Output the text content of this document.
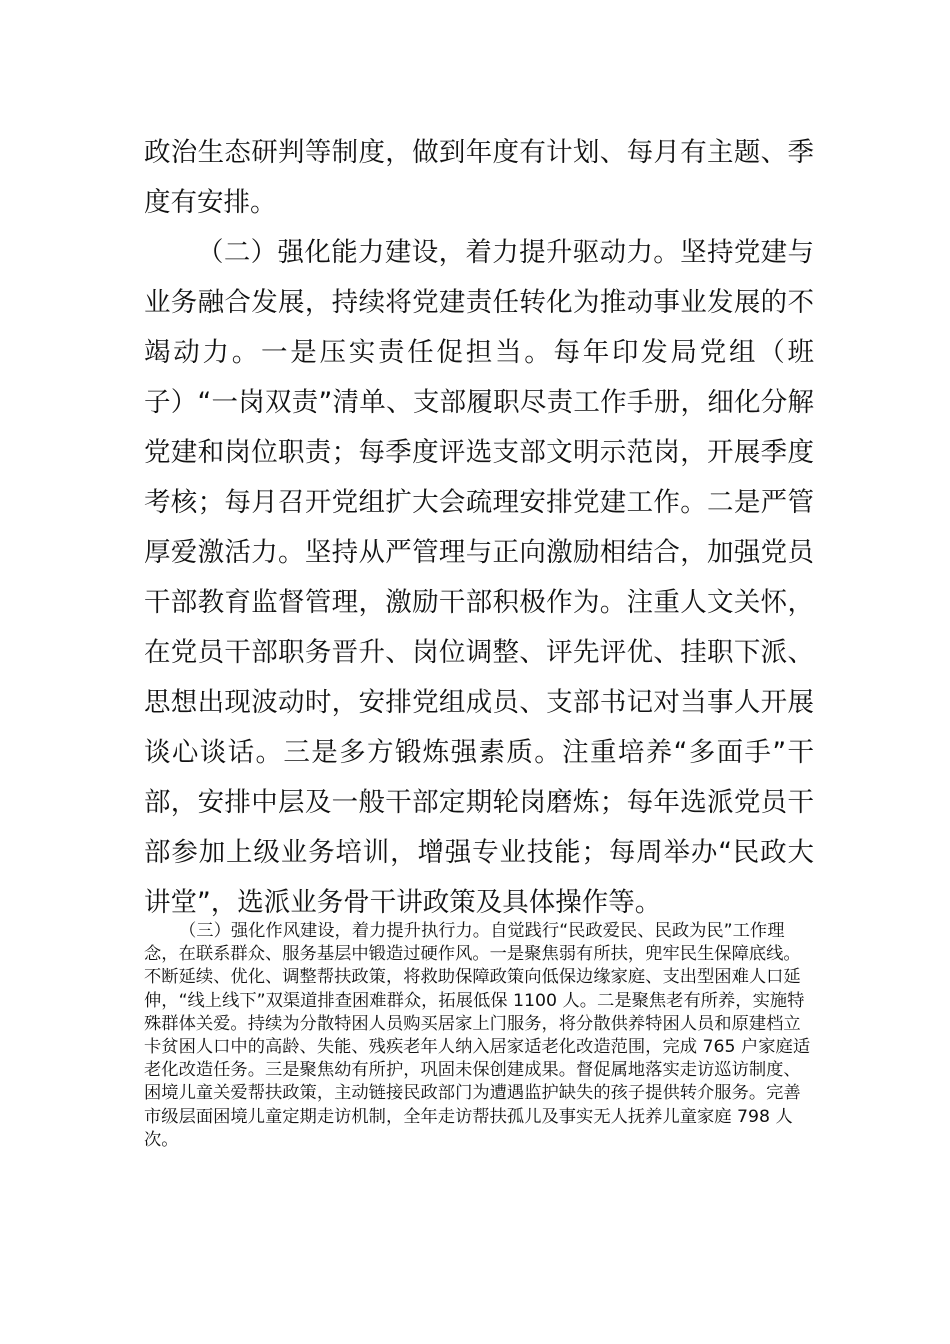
政治生态研判等制度，做到年度有计划、每月有主题、季度有安排。

（二）强化能力建设，着力提升驱动力。坚持党建与业务融合发展，持续将党建责任转化为推动事业发展的不竭动力。一是压实责任促担当。每年印发局党组（班子）“一岗双责”清单、支部履职尽责工作手册，细化分解党建和岗位职责；每季度评选支部文明示范岗，开展季度考核；每月召开党组扩大会疏理安排党建工作。二是严管厚爱激活力。坚持从严管理与正向激励相结合，加强党员干部教育监督管理，激励干部积极作为。注重人文关怀，在党员干部职务晋升、岗位调整、评先评优、挂职下派、思想出现波动时，安排党组成员、支部书记对当事人开展谈心谈话。三是多方锻炼强素质。注重培养“多面手”干部，安排中层及一般干部定期轮岗磨炼；每年选派党员干部参加上级业务培训，增强专业技能；每周举办“民政大讲堂”，选派业务骨干讲政策及具体操作等。

（三）强化作风建设，着力提升执行力。自觉践行“民政爱民、民政为民”工作理念，在联系群众、服务基层中锻造过硬作风。一是聚焦弱有所扶，兜牢民生保障底线。不断延续、优化、调整帮扶政策，将救助保障政策向低保边缘家庭、支出型困难人口延伸，“线上线下”双渠道排查困难群众，拓展低保 1100 人。二是聚焦老有所养，实施特殊群体关爱。持续为分散特困人员购买居家上门服务，将分散供养特困人员和原建档立卡贫困人口中的高龄、失能、残疾老年人纳入居家适老化改造范围，完成 765 户家庭适老化改造任务。三是聚焦幼有所护，巩固未保创建成果。督促属地落实走访巡访制度、困境儿童关爱帮扶政策，主动链接民政部门为遭遇监护缺失的孩子提供转介服务。完善市级层面困境儿童定期走访机制，全年走访帮扶孤儿及事实无人抚养儿童家庭 798 人次。
